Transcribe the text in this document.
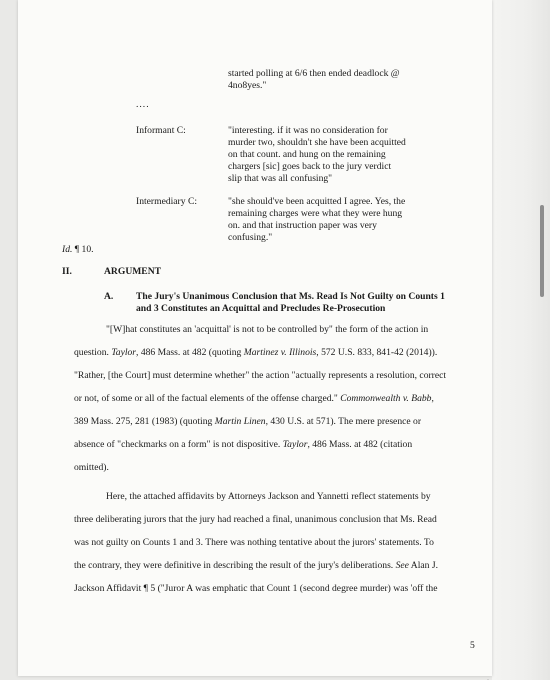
started polling at 6/6 then ended deadlock @
4no8yes."
....
Informant C:	"interesting. if it was no consideration for
murder two, shouldn't she have been acquitted
on that count. and hung on the remaining
chargers [sic] goes back to the jury verdict
slip that was all confusing"
Intermediary C:	"she should've been acquitted I agree. Yes, the
remaining charges were what they were hung
on. and that instruction paper was very
confusing."
Id. ¶ 10.
II.	ARGUMENT
A. The Jury's Unanimous Conclusion that Ms. Read Is Not Guilty on Counts 1
and 3 Constitutes an Acquittal and Precludes Re-Prosecution
"[W]hat constitutes an 'acquittal' is not to be controlled by" the form of the action in
question. Taylor, 486 Mass. at 482 (quoting Martinez v. Illinois, 572 U.S. 833, 841-42 (2014)).
"Rather, [the Court] must determine whether" the action "actually represents a resolution, correct
or not, of some or all of the factual elements of the offense charged." Commonwealth v. Babb,
389 Mass. 275, 281 (1983) (quoting Martin Linen, 430 U.S. at 571). The mere presence or
absence of "checkmarks on a form" is not dispositive. Taylor, 486 Mass. at 482 (citation
omitted).
Here, the attached affidavits by Attorneys Jackson and Yannetti reflect statements by
three deliberating jurors that the jury had reached a final, unanimous conclusion that Ms. Read
was not guilty on Counts 1 and 3. There was nothing tentative about the jurors' statements. To
the contrary, they were definitive in describing the result of the jury's deliberations. See Alan J.
Jackson Affidavit ¶ 5 ("Juror A was emphatic that Count 1 (second degree murder) was 'off the
5
